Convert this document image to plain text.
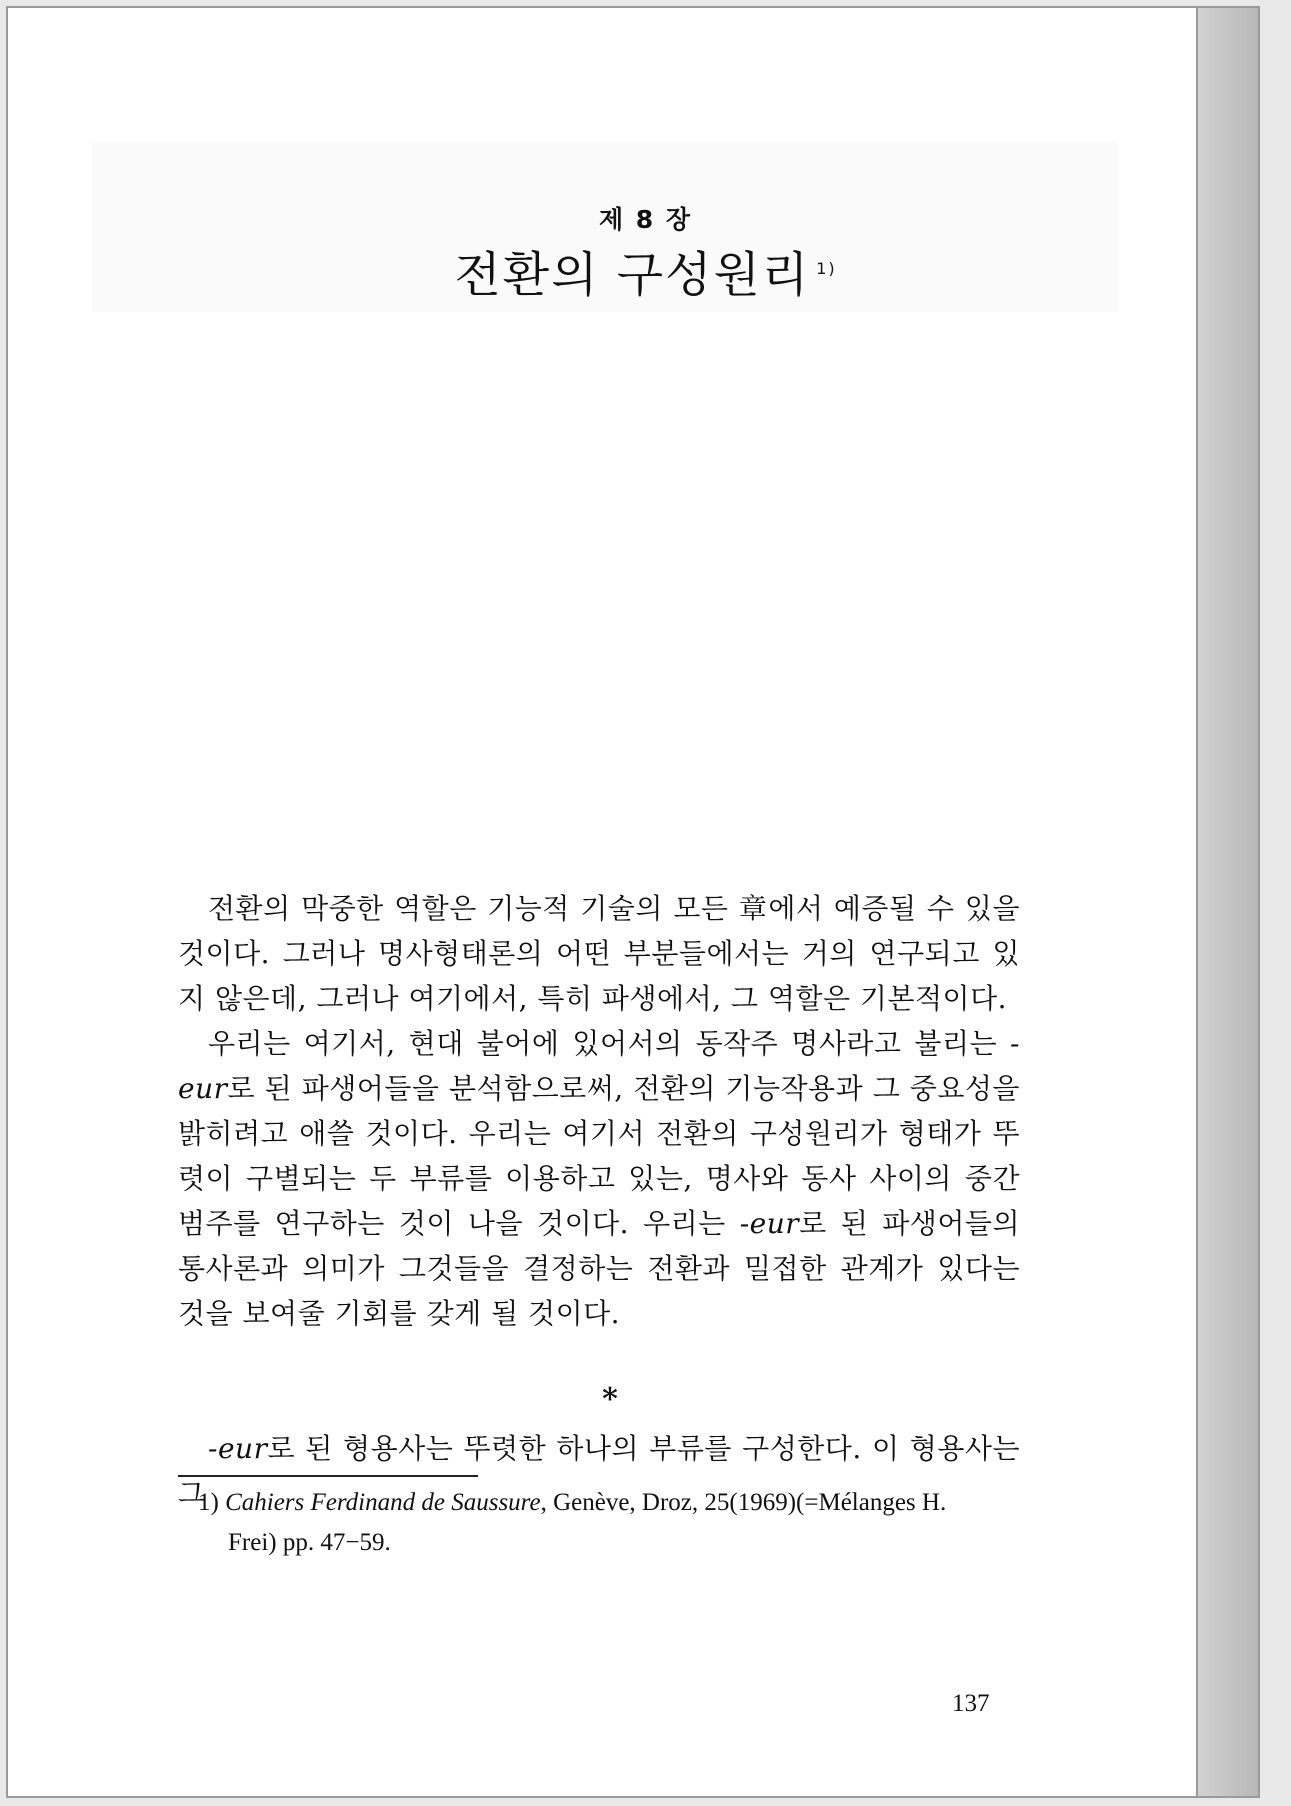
제 8 장
전환의 구성원리 $^{1)}$

전환의 막중한 역할은 기능적 기술의 모든 章에서 예증될 수 있을 것이다. 그러나 명사형태론의 어떤 부분들에서는 거의 연구되고 있지 않은데, 그러나 여기에서, 특히 파생에서, 그 역할은 기본적이다.

우리는 여기서, 현대 불어에 있어서의 동작주 명사라고 불리는 -eur로 된 파생어들을 분석함으로써, 전환의 기능작용과 그 중요성을 밝히려고 애쓸 것이다. 우리는 여기서 전환의 구성원리가 형태가 뚜렷이 구별되는 두 부류를 이용하고 있는, 명사와 동사 사이의 중간 범주를 연구하는 것이 나을 것이다. 우리는 -eur로 된 파생어들의 통사론과 의미가 그것들을 결정하는 전환과 밀접한 관계가 있다는 것을 보여줄 기회를 갖게 될 것이다.

*
-eur로 된 형용사는 뚜렷한 하나의 부류를 구성한다. 이 형용사는 그
1) Cahiers Ferdinand de Saussure, Genève, Droz, 25(1969)(=Mélanges H.
Frei) pp. 47−59.
137
